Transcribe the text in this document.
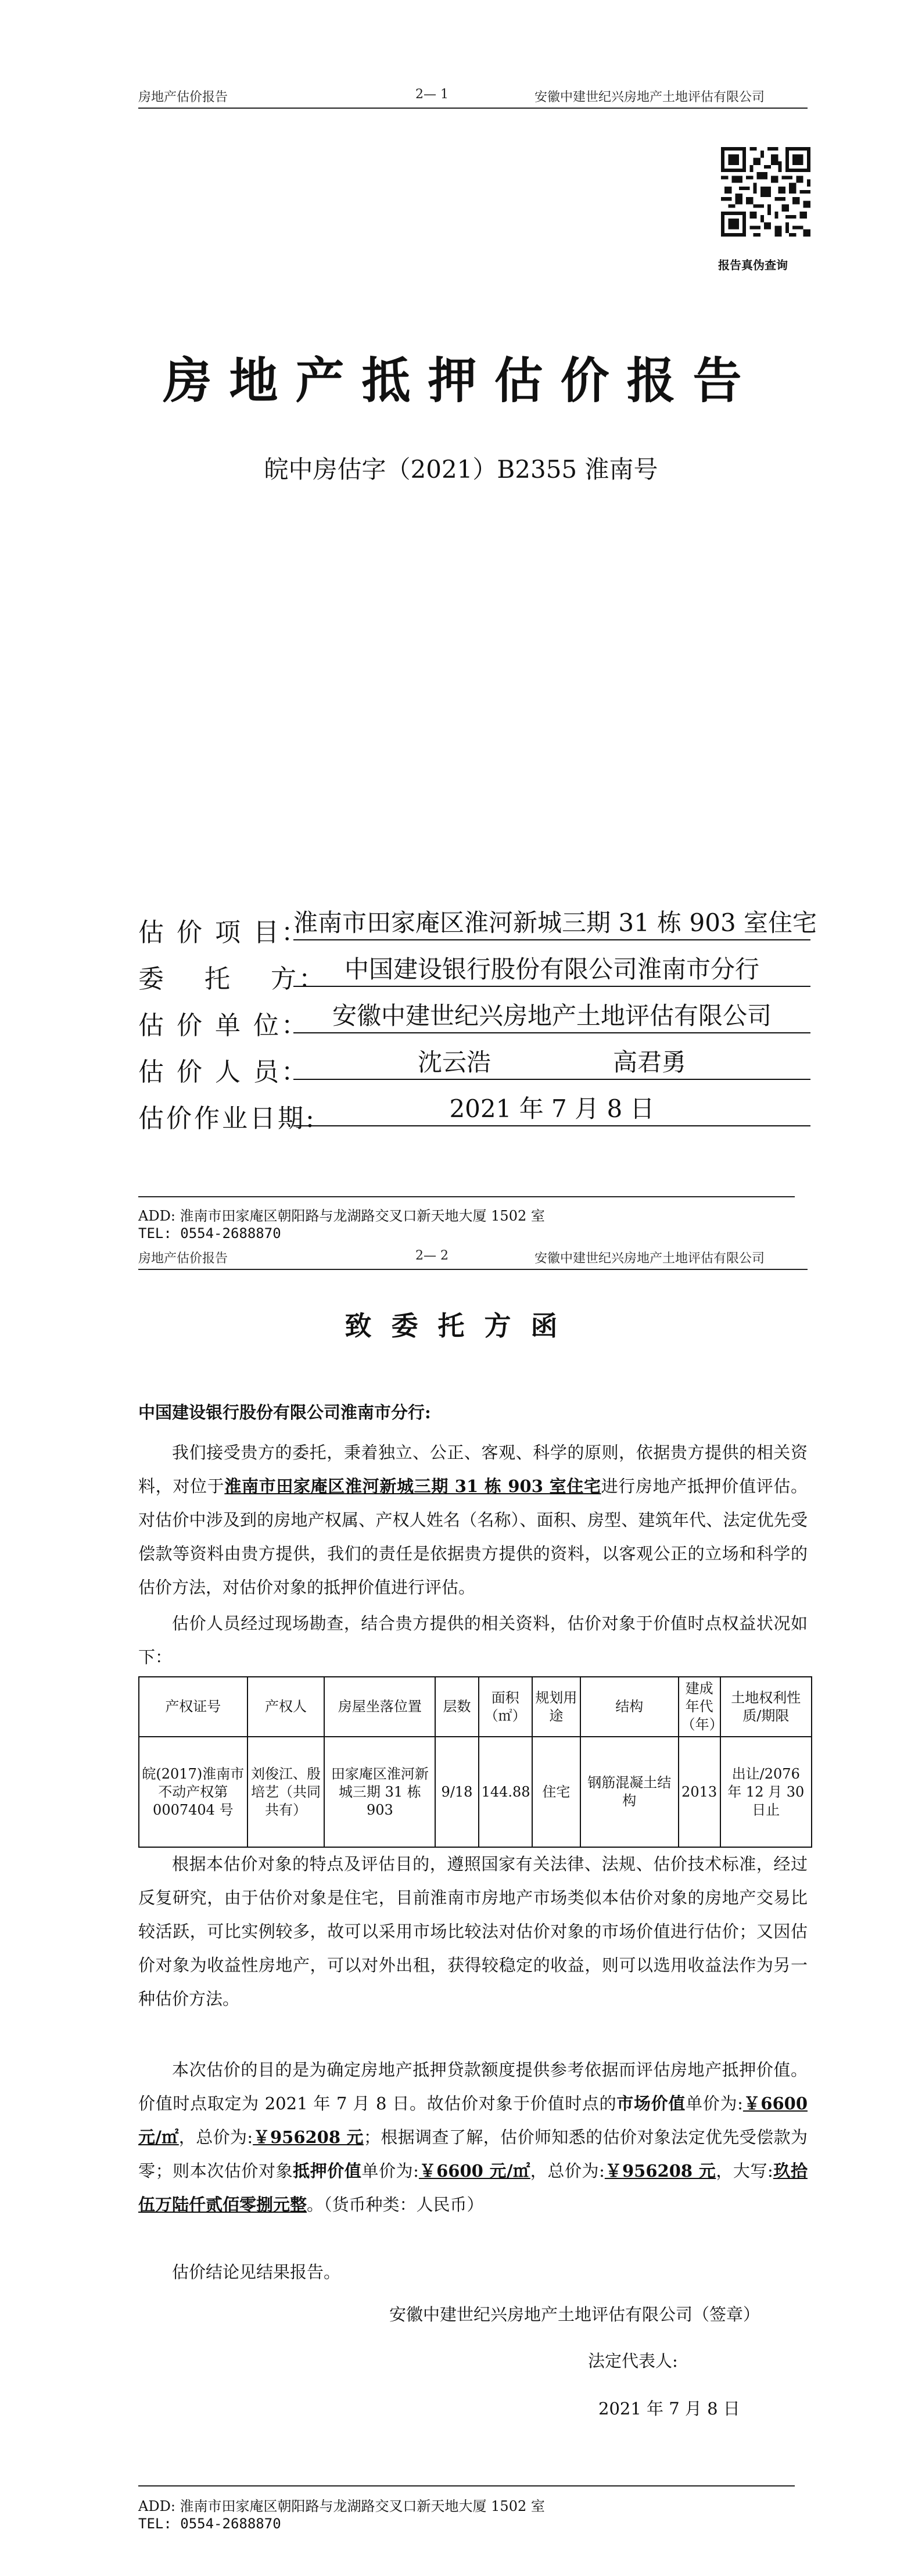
房地产估价报告	2— 1	安徽中建世纪兴房地产土地评估有限公司
报告真伪查询
房地产抵押估价报告
皖中房估字（2021）B2355 淮南号
估 价 项 目：
淮南市田家庵区淮河新城三期 31 栋 903 室住宅
委　 托　 方： 中国建设银行股份有限公司淮南市分行
估 价 单 位： 安徽中建世纪兴房地产土地评估有限公司
估 价 人 员：	沈云浩　　　　　高君勇
估价作业日期:	2021 年 7 月 8 日
ADD: 淮南市田家庵区朝阳路与龙湖路交叉口新天地大厦 1502 室
TEL: 0554-2688870
房地产估价报告	2— 2	安徽中建世纪兴房地产土地评估有限公司
致委托方函
中国建设银行股份有限公司淮南市分行:

我们接受贵方的委托，秉着独立、公正、客观、科学的原则，依据贵方提供的相关资料，对位于淮南市田家庵区淮河新城三期 31 栋 903 室住宅进行房地产抵押价值评估。对估价中涉及到的房地产权属、产权人姓名（名称）、面积、房型、建筑年代、法定优先受偿款等资料由贵方提供，我们的责任是依据贵方提供的资料，以客观公正的立场和科学的估价方法，对估价对象的抵押价值进行评估。

估价人员经过现场勘查，结合贵方提供的相关资料，估价对象于价值时点权益状况如下：

产权证号	产权人	房屋坐落位置	层数	面积（㎡）	规划用途	结构	建成年代（年）	土地权利性质/期限
皖(2017)淮南市不动产权第0007404 号	刘俊江、殷培艺（共同共有）	田家庵区淮河新城三期 31 栋 903	9/18	144.88	住宅	钢筋混凝土结构	2013	出让/2076 年 12 月 30 日止

根据本估价对象的特点及评估目的，遵照国家有关法律、法规、估价技术标准，经过反复研究，由于估价对象是住宅，目前淮南市房地产市场类似本估价对象的房地产交易比较活跃，可比实例较多，故可以采用市场比较法对估价对象的市场价值进行估价；又因估价对象为收益性房地产，可以对外出租，获得较稳定的收益，则可以选用收益法作为另一种估价方法。

本次估价的目的是为确定房地产抵押贷款额度提供参考依据而评估房地产抵押价值。价值时点取定为 2021 年 7 月 8 日。故估价对象于价值时点的市场价值单价为:￥6600 元/㎡，总价为:￥956208 元；根据调查了解，估价师知悉的估价对象法定优先受偿款为零；则本次估价对象抵押价值单价为:￥6600 元/㎡，总价为:￥956208 元，大写:玖拾伍万陆仟贰佰零捌元整。（货币种类：人民币）

估价结论见结果报告。

安徽中建世纪兴房地产土地评估有限公司（签章）
法定代表人:
2021 年 7 月 8 日
ADD: 淮南市田家庵区朝阳路与龙湖路交叉口新天地大厦 1502 室
TEL: 0554-2688870
